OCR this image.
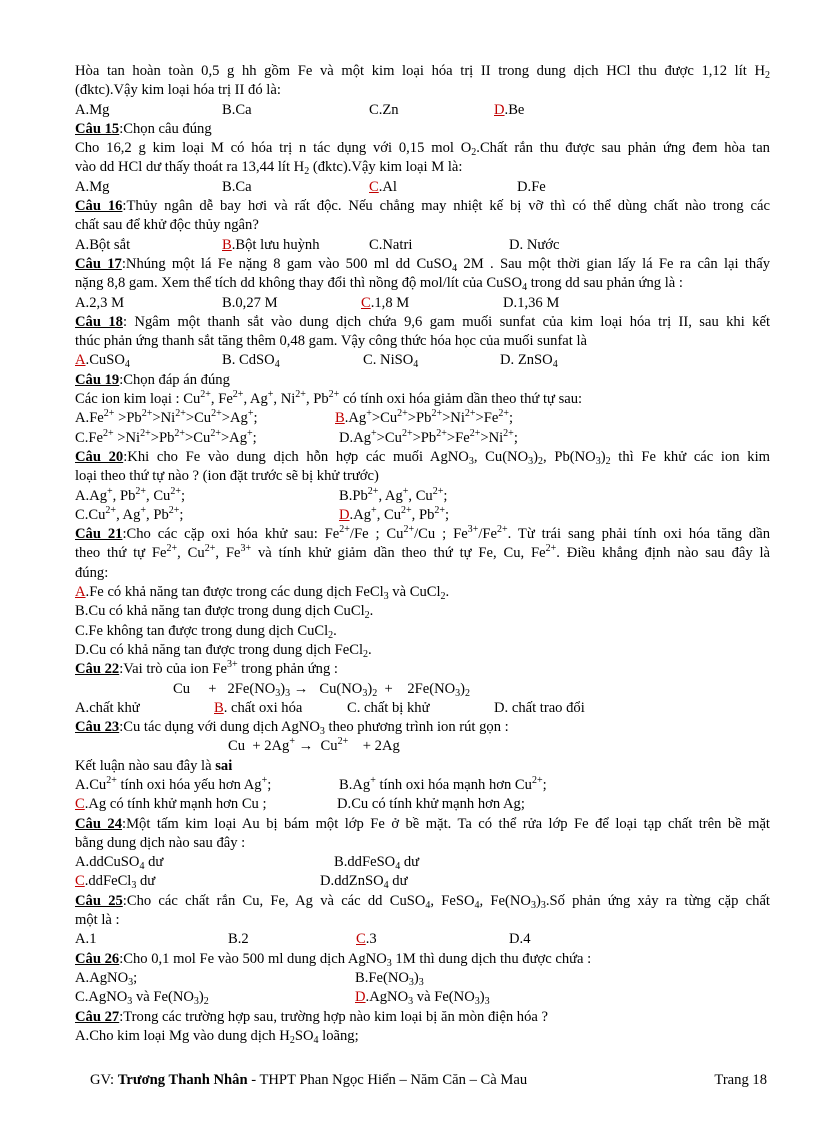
Hòa tan hoàn toàn 0,5 g hh gồm Fe và một kim loại hóa trị II trong dung dịch HCl thu được 1,12 lít $H_2$
(đktc).Vậy kim loại hóa trị II đó là:
A.Mg	B.Ca	C.Zn	D.Be
Câu 15:Chọn câu đúng
Cho 16,2 g kim loại M có hóa trị n tác dụng với 0,15 mol $O_2.Chất$ rắn thu được sau phản ứng đem hòa tan
vào dd HCl dư thấy thoát ra 13,44 lít $H_2$ (đktc).Vậy kim loại M là:
A.Mg	B.Ca	C.Al	D.Fe
Câu 16:Thủy ngân dễ bay hơi và rất độc. Nếu chẳng may nhiệt kế bị vỡ thì có thể dùng chất nào trong các
chất sau để khử độc thủy ngân?
A.Bột sắt	B.Bột lưu huỳnh	C.Natri	D. Nước
Câu 17:Nhúng một lá Fe nặng 8 gam vào 500 ml dd CuSO$_4$ 2M . Sau một thời gian lấy lá Fe ra cân lại thấy
nặng 8,8 gam. Xem thể tích dd không thay đổi thì nồng độ mol/lít của CuSO$_4$ trong dd sau phản ứng là :
A.2,3 M	B.0,27 M	C.1,8 M	D.1,36 M
Câu 18: Ngâm một thanh sắt vào dung dịch chứa 9,6 gam muối sunfat của kim loại hóa trị II, sau khi kết
thúc phản ứng thanh sắt tăng thêm 0,48 gam. Vậy công thức hóa học của muối sunfat là
A.CuSO$_4$	B. CdSO$_4$	C. NiSO$_4$	D. ZnSO$_4$
Câu 19:Chọn đáp án đúng
Các ion kim loại : $Cu^{2+}$, $Fe^{2+}$, Ag+, $Ni^{2+}$, $Pb^{2+}$ có tính oxi hóa giảm dần theo thứ tự sau:
$A.Fe^{2+} >Pb^{2+}>Ni^{2+}>Cu^{2+}>Ag^+$;	$B.Ag^+>Cu^{2+}>Pb^{2+}>Ni^{2+}>Fe^{2+}$;
$C.Fe^{2+} >Ni^{2+}>Pb^{2+}>Cu^{2+}>Ag^+$;	$D.Ag^+>Cu^{2+}>Pb^{2+}>Fe^{2+}>Ni^{2+}$;
Câu 20:Khi cho Fe vào dung dịch hỗn hợp các muối AgNO$_3$, $Cu(NO_3)_2$, $Pb(NO_3)_2$ thì Fe khử các ion kim
loại theo thứ tự nào ? (ion đặt trước sẽ bị khử trước)
A.Ag+, $Pb^{2+}$, $Cu^{2+}$;	$B.Pb^{2+}$, Ag+, $Cu^{2+}$;
$C.Cu^{2+}$, Ag+, $Pb^{2+}$;	D.Ag+, $Cu^{2+}$, $Pb^{2+}$;
Câu 21:Cho các cặp oxi hóa khử sau: $Fe^{2+}/Fe$ ; $Cu^{2+}/Cu$ ; $Fe^{3+}/Fe^{2+}$. Từ trái sang phải tính oxi hóa tăng dần
theo thứ tự $Fe^{2+}$, $Cu^{2+}$, $Fe^{3+}$ và tính khử giảm dần theo thứ tự Fe, Cu, $Fe^{2+}$. Điều khẳng định nào sau đây là
đúng:
A.Fe có khả năng tan được trong các dung dịch FeCl$_3$ và CuCl$_2$.
B.Cu có khả năng tan được trong dung dịch CuCl$_2$.
C.Fe không tan được trong dung dịch CuCl$_2$.
D.Cu có khả năng tan được trong dung dịch FeCl$_2$.
Câu 22:Vai trò của ion $Fe^{3+}$ trong phản ứng :
Cu     +   $2Fe(NO_3)_3 \to Cu(NO_3)_2$  +    $2Fe(NO_3)_2$
A.chất khử	B. chất oxi hóa	C. chất bị khử	D. chất trao đổi
Câu 23:Cu tác dụng với dung dịch AgNO$_3$ theo phương trình ion rút gọn :
$Cu + 2Ag^+ \to Cu^{2+}$    + 2Ag
Kết luận nào sau đây là sai
$A.Cu^{2+}$ tính oxi hóa yếu hơn Ag+;	B.Ag+ tính oxi hóa mạnh hơn $Cu^{2+}$;
C.Ag có tính khử mạnh hơn Cu ;	D.Cu có tính khử mạnh hơn Ag;
Câu 24:Một tấm kim loại Au bị bám một lớp Fe ở bề mặt. Ta có thể rửa lớp Fe để loại tạp chất trên bề mặt
bằng dung dịch nào sau đây :
A.ddCuSO$_4$ dư	B.ddFeSO$_4$ dư
C.ddFeCl$_3$ dư	D.ddZnSO$_4$ dư
Câu 25:Cho các chất rắn Cu, Fe, Ag và các dd CuSO$_4$, FeSO$_4$, $Fe(NO_3)_3.Số$ phản ứng xảy ra từng cặp chất
một là :
A.1	B.2	C.3	D.4
Câu 26:Cho 0,1 mol Fe vào 500 ml dung dịch AgNO$_3$ 1M thì dung dịch thu được chứa :
A.AgNO$_3$;	$B.Fe(NO_3)_3$
C.AgNO$_3$ và $Fe(NO_3)_2$	D.AgNO$_3$ và $Fe(NO_3)_3$
Câu 27:Trong các trường hợp sau, trường hợp nào kim loại bị ăn mòn điện hóa ?
A.Cho kim loại Mg vào dung dịch $H_2SO_4$ loãng;
GV: Trương Thanh Nhân - THPT Phan Ngọc Hiển – Năm Căn – Cà Mau	Trang 18
